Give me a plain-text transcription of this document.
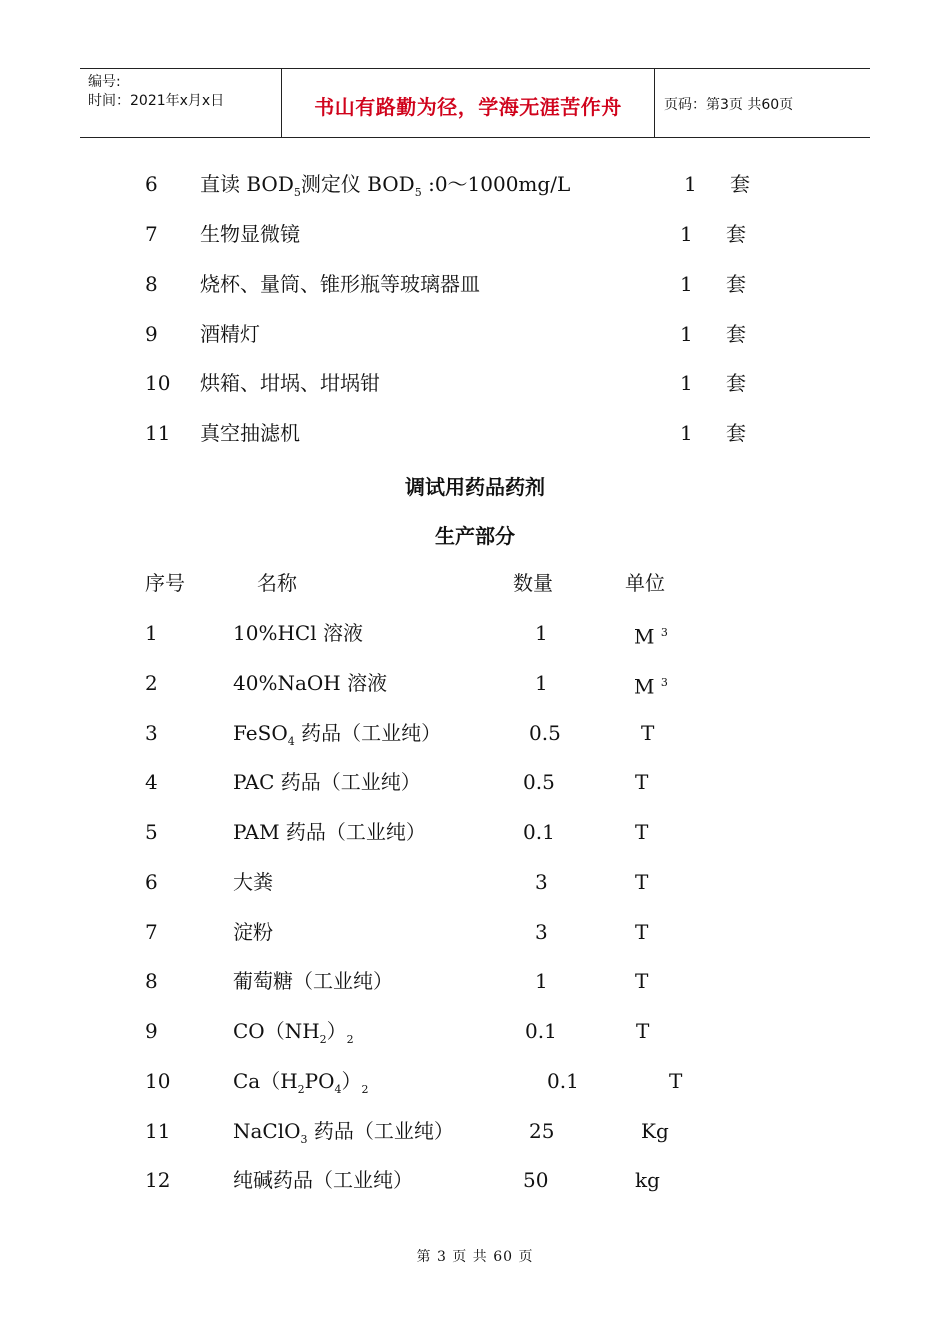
编号:
时间：2021年x月x日	书山有路勤为径，学海无涯苦作舟	页码：第3页 共60页
6 直读 $BOD_5$测定仪 $BOD_5$ :0～1000mg/L	1 套
7 生物显微镜	1 套
8 烧杯、量筒、锥形瓶等玻璃器皿	1 套
9 酒精灯	1 套
10 烘箱、坩埚、坩埚钳	1 套
11 真空抽滤机	1 套
调试用药品药剂
生产部分
序号	名称	数量	单位
1	10%HCl 溶液	1	M $^3$
2	40%NaOH 溶液	1	M $^3$
3	FeSO$_4$ 药品（工业纯）	0.5	T
4	PAC 药品（工业纯）	0.5	T
5	PAM 药品（工业纯）	0.1	T
6	大粪	3	T
7	淀粉	3	T
8	葡萄糖（工业纯）	1	T
9	$CO(NH_2)_2$	0.1	T
10	$Ca(H_2PO_4)_2$	0.1	T
11	NaClO$_3$ 药品（工业纯）	25	Kg
12	纯碱药品（工业纯）	50	kg
第 3 页 共 60 页
